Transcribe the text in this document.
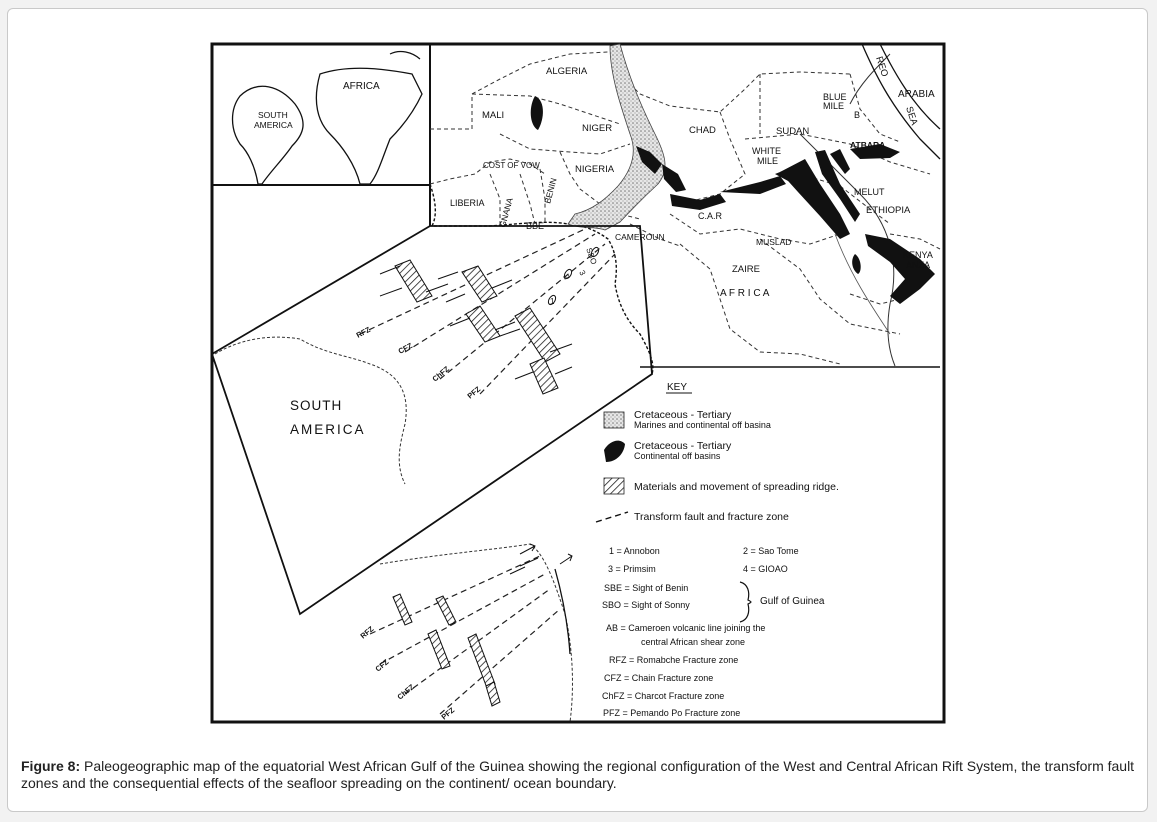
AFRICA
SOUTH
AMERICA
ALGERIA
MALI
NIGER	CHAD	SUDAN
BLUE
MILE
B
WHITE
MILE
ATBARA
ARABIA
REO
SEA
MELUT
ETHIOPIA
KENYA
ANZA
COST OF VOW	NIGERIA
LIBERIA GNANA
BENIN
BBE
CAMEROUN
C.A.R
MUSLAD
ZAIRE
A F R I C A
SBO
3
2
1
SOUTH
AMERICA
RFZ
CFZ
ChFZ
PFZ
RFZ
CFZ
ChFZ
PFZ
KEY
Cretaceous - Tertiary
Marines and continental off basina
Cretaceous - Tertiary
Continental off basins
Materials and movement of spreading ridge.
Transform fault and fracture zone
1 = Annobon	2 = Sao Tome
3 = Primsim	4 = GIOAO
SBE = Sight of Benin
SBO = Sight of Sonny	Gulf of Guinea
AB = Cameroen volcanic line joining the
central African shear zone
RFZ = Romabche Fracture zone
CFZ = Chain Fracture zone
ChFZ = Charcot Fracture zone
PFZ = Pemando Po Fracture zone
Figure 8: Paleogeographic map of the equatorial West African Gulf of the Guinea showing the regional configuration of the West and Central African Rift System, the transform fault zones and the consequential effects of the seafloor spreading on the continent/ ocean boundary.
